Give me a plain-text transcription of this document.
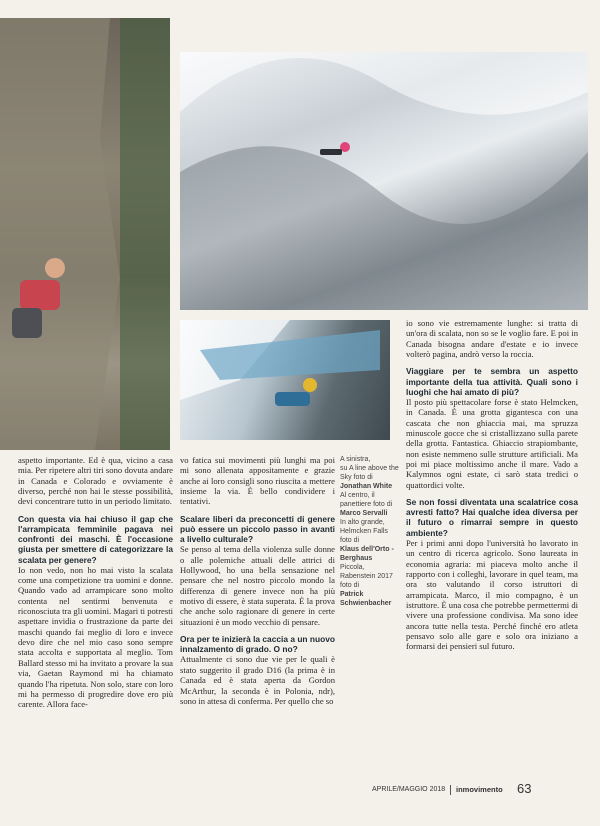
aspetto importante. Ed è qua, vicino a casa mia. Per ripetere altri tiri sono dovuta andare in Canada e Colorado e ovviamente è diverso, perché non hai le stesse possibilità, devi concentrare tutto in un periodo limitato.

Con questa via hai chiuso il gap che l'arrampicata femminile pagava nei confronti dei maschi. È l'occasione giusta per smettere di categorizzare la scalata per genere?

Io non vedo, non ho mai visto la scalata come una competizione tra uomini e donne. Quando vado ad arrampicare sono molto contenta nel sentirmi benvenuta e riconosciuta tra gli uomini. Magari ti potresti aspettare invidia o frustrazione da parte dei maschi quando fai meglio di loro e invece devo dire che nel mio caso sono sempre stata accolta e supportata al meglio. Tom Ballard stesso mi ha invitato a provare la sua via, Gaetan Raymond mi ha chiamato quando l'ha ripetuta. Non solo, stare con loro mi ha permesso di progredire dove ero più carente. Allora face-

vo fatica sui movimenti più lunghi ma poi mi sono allenata appositamente e grazie anche ai loro consigli sono riuscita a mettere insieme la via. È bello condividere i tentativi.

Scalare liberi da preconcetti di genere può essere un piccolo passo in avanti a livello culturale?

Se penso al tema della violenza sulle donne o alle polemiche attuali delle attrici di Hollywood, ho una bella sensazione nel pensare che nel nostro piccolo mondo la differenza di genere invece non ha più motivo di essere, è stata superata. È la prova che anche solo ragionare di genere in certe situazioni è un modo vecchio di pensare.

Ora per te inizierà la caccia a un nuovo innalzamento di grado. O no?

Attualmente ci sono due vie per le quali è stato suggerito il grado D16 (la prima è in Canada ed è stata aperta da Gordon McArthur, la seconda è in Polonia, ndr), sono in attesa di conferma. Per quello che so

A sinistra,
su A line above the Sky foto di
Jonathan White
Al centro, il panettiere foto di
Marco Servalli
In alto grande, Helmcken Falls foto di
Klaus dell'Orto - Berghaus
Piccola, Rabenstein 2017 foto di
Patrick Schwienbacher

io sono vie estremamente lunghe: si tratta di un'ora di scalata, non so se le voglio fare. E poi in Canada bisogna andare d'estate e io invece volterò pagina, andrò verso la roccia.

Viaggiare per te sembra un aspetto importante della tua attività. Quali sono i luoghi che hai amato di più?

Il posto più spettacolare forse è stato Helmcken, in Canada. È una grotta gigantesca con una cascata che non ghiaccia mai, ma spruzza minuscole gocce che si cristallizzano sulla parete della grotta. Fantastica. Ghiaccio strapiombante, non esiste nemmeno sulle strutture artificiali. Ma poi mi piace moltissimo anche il mare. Vado a Kalymnos ogni estate, ci sarò stata tredici o quattordici volte.

Se non fossi diventata una scalatrice cosa avresti fatto? Hai qualche idea diversa per il futuro o rimarrai sempre in questo ambiente?

Per i primi anni dopo l'università ho lavorato in un centro di ricerca agricolo. Sono laureata in economia agraria: mi piaceva molto anche il rapporto con i colleghi, lavorare in quel team, ma ora sto valutando il corso istruttori di arrampicata. Marco, il mio compagno, è un istruttore. È una cosa che potrebbe permettermi di vivere una professione condivisa. Ma sono idee ancora tutte nella testa. Perché finché ero atleta pensavo solo alle gare e solo ora iniziano a formarsi dei pensieri sul futuro.

APRILE/MAGGIO 2018 inmovimento 63
